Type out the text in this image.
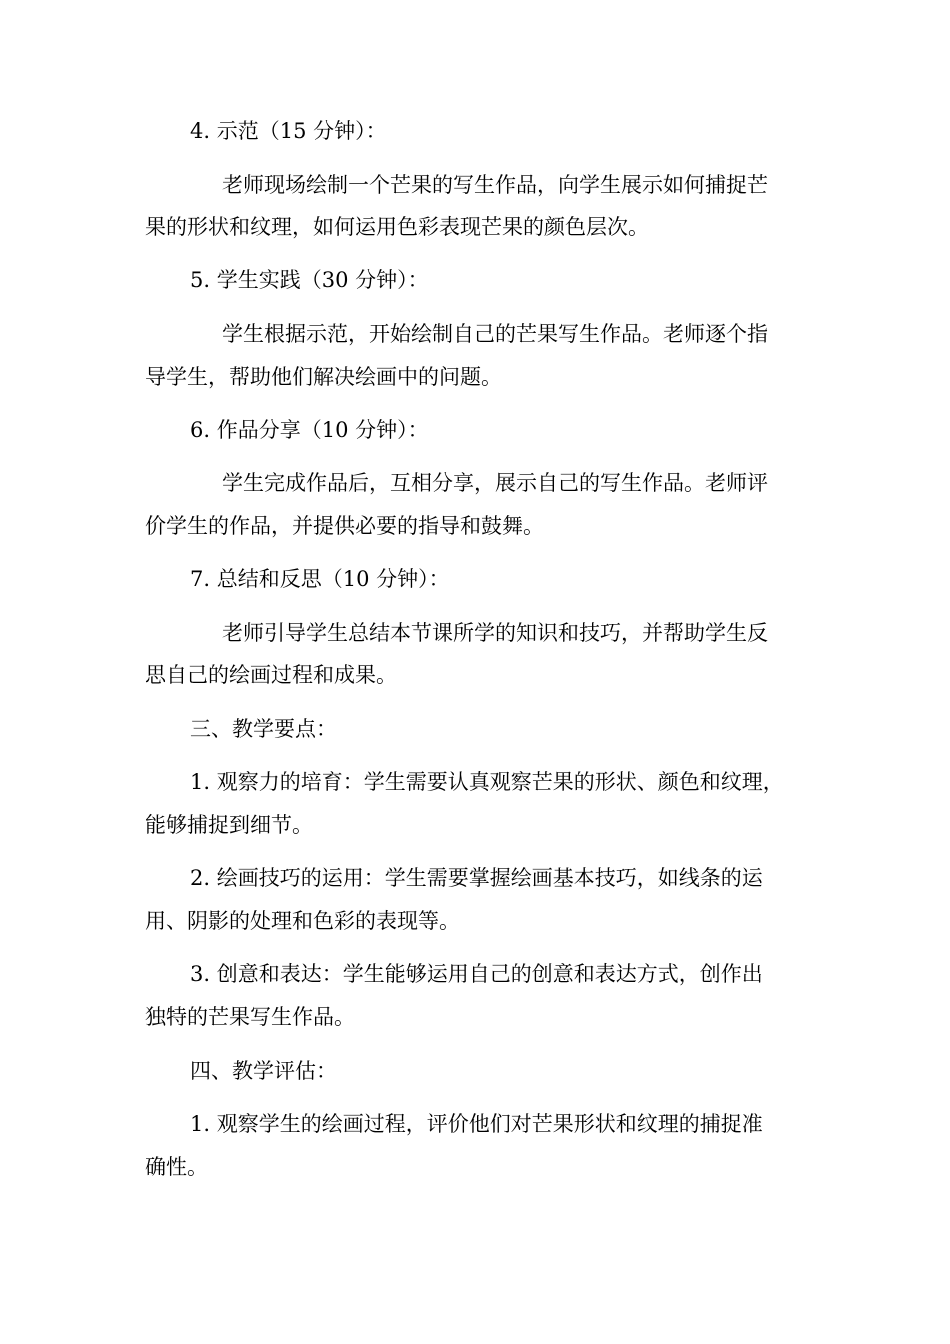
4. 示范（15 分钟）：
老师现场绘制一个芒果的写生作品，向学生展示如何捕捉芒
果的形状和纹理，如何运用色彩表现芒果的颜色层次。
5. 学生实践（30 分钟）：
学生根据示范，开始绘制自己的芒果写生作品。老师逐个指
导学生，帮助他们解决绘画中的问题。
6. 作品分享（10 分钟）：
学生完成作品后，互相分享，展示自己的写生作品。老师评
价学生的作品，并提供必要的指导和鼓舞。
7. 总结和反思（10 分钟）：
老师引导学生总结本节课所学的知识和技巧，并帮助学生反
思自己的绘画过程和成果。
三、教学要点：
1. 观察力的培育：学生需要认真观察芒果的形状、颜色和纹理，
能够捕捉到细节。
2. 绘画技巧的运用：学生需要掌握绘画基本技巧，如线条的运
用、阴影的处理和色彩的表现等。
3. 创意和表达：学生能够运用自己的创意和表达方式，创作出
独特的芒果写生作品。
四、教学评估：
1. 观察学生的绘画过程，评价他们对芒果形状和纹理的捕捉准
确性。
